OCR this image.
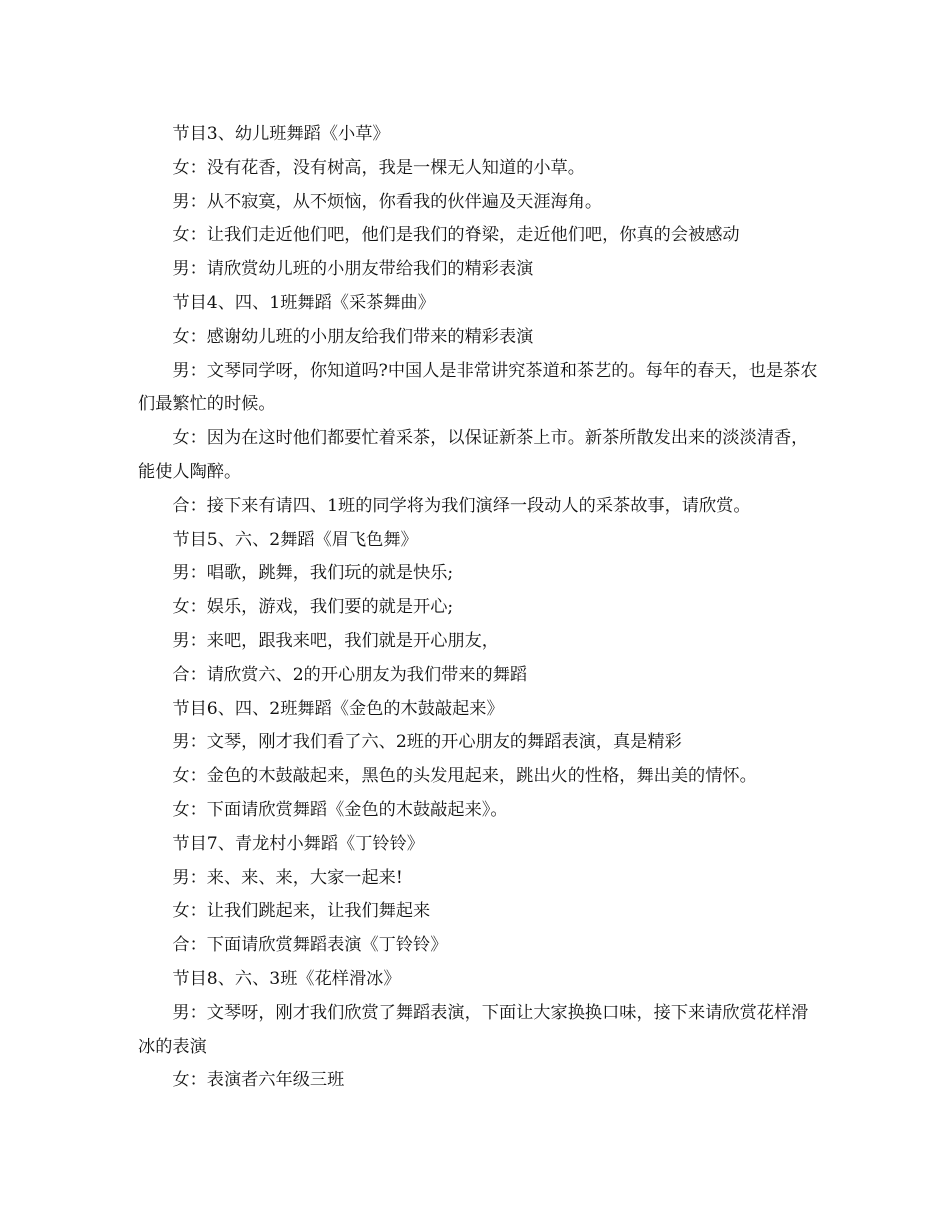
节目3、幼儿班舞蹈《小草》

女：没有花香，没有树高，我是一棵无人知道的小草。

男：从不寂寞，从不烦恼，你看我的伙伴遍及天涯海角。

女：让我们走近他们吧，他们是我们的脊梁，走近他们吧，你真的会被感动

男：请欣赏幼儿班的小朋友带给我们的精彩表演

节目4、四、1班舞蹈《采茶舞曲》

女：感谢幼儿班的小朋友给我们带来的精彩表演

男：文琴同学呀，你知道吗?中国人是非常讲究茶道和茶艺的。每年的春天，也是茶农们最繁忙的时候。

女：因为在这时他们都要忙着采茶，以保证新茶上市。新茶所散发出来的淡淡清香，能使人陶醉。

合：接下来有请四、1班的同学将为我们演绎一段动人的采茶故事，请欣赏。

节目5、六、2舞蹈《眉飞色舞》

男：唱歌，跳舞，我们玩的就是快乐;

女：娱乐，游戏，我们要的就是开心;

男：来吧，跟我来吧，我们就是开心朋友，

合：请欣赏六、2的开心朋友为我们带来的舞蹈

节目6、四、2班舞蹈《金色的木鼓敲起来》

男：文琴，刚才我们看了六、2班的开心朋友的舞蹈表演，真是精彩

女：金色的木鼓敲起来，黑色的头发甩起来，跳出火的性格，舞出美的情怀。

女：下面请欣赏舞蹈《金色的木鼓敲起来》。

节目7、青龙村小舞蹈《丁铃铃》

男：来、来、来，大家一起来!

女：让我们跳起来，让我们舞起来

合：下面请欣赏舞蹈表演《丁铃铃》

节目8、六、3班《花样滑冰》

男：文琴呀，刚才我们欣赏了舞蹈表演，下面让大家换换口味，接下来请欣赏花样滑冰的表演

女：表演者六年级三班
